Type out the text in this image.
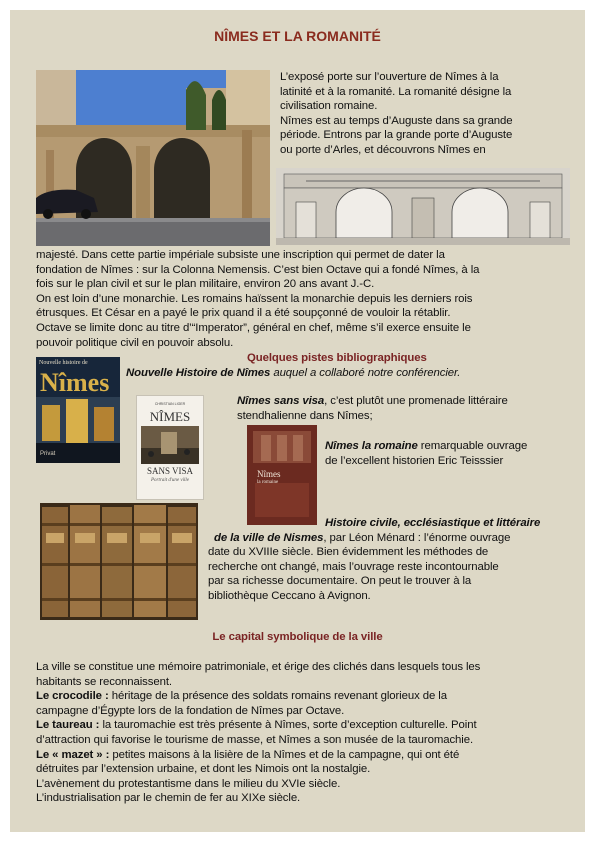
NÎMES ET LA ROMANITÉ
L’exposé porte sur l’ouverture de Nîmes à la
latinité et à la romanité. La romanité désigne la
civilisation romaine.
Nîmes est au temps d’Auguste dans sa grande
période. Entrons par la grande porte d’Auguste
ou porte d’Arles, et découvrons Nîmes en
majesté. Dans cette partie impériale subsiste une inscription qui permet de dater la
fondation de Nîmes : sur la Colonna Nemensis. C’est bien Octave qui a fondé Nîmes, à la
fois sur le plan civil et sur le plan militaire, environ 20 ans avant J.-C.
On est loin d’une monarchie. Les romains haïssent la monarchie depuis les derniers rois
étrusques. Et César en a payé le prix quand il a été soupçonné de vouloir la rétablir.
Octave se limite donc au titre d’“Imperator”, général en chef, même s’il exerce ensuite le
pouvoir politique civil en pouvoir absolu.
Quelques pistes bibliographiques
Nouvelle histoire de
Nîmes
Privat
Nouvelle Histoire de Nîmes auquel a collaboré notre conférencier.
CHRISTIAN LIGER
NÎMES
SANS VISA
Portrait d'une ville
Nîmes sans visa, c’est plutôt une promenade littéraire
stendhalienne dans Nîmes;
Nîmes
la romaine
Nîmes la romaine remarquable ouvrage
de l’excellent historien Eric Teisssier
Histoire civile, ecclésiastique et littéraire
de la ville de Nismes, par Léon Ménard : l’énorme ouvrage
date du XVIIIe siècle. Bien évidemment les méthodes de
recherche ont changé, mais l’ouvrage reste incontournable
par sa richesse documentaire. On peut le trouver à la
bibliothèque Ceccano à Avignon.
Le capital symbolique de la ville
La ville se constitue une mémoire patrimoniale, et érige des clichés dans lesquels tous les
habitants se reconnaissent.
Le crocodile : héritage de la présence des soldats romains revenant glorieux de la
campagne d’Égypte lors de la fondation de Nîmes par Octave.
Le taureau : la tauromachie est très présente à Nîmes, sorte d’exception culturelle. Point
d’attraction qui favorise le tourisme de masse, et Nîmes a son musée de la tauromachie.
Le « mazet » : petites maisons à la lisière de la Nîmes et de la campagne, qui ont été
détruites par l’extension urbaine, et dont les Nimois ont la nostalgie.
L’avènement du protestantisme dans le milieu du XVIe siècle.
L’industrialisation par le chemin de fer au XIXe siècle.
